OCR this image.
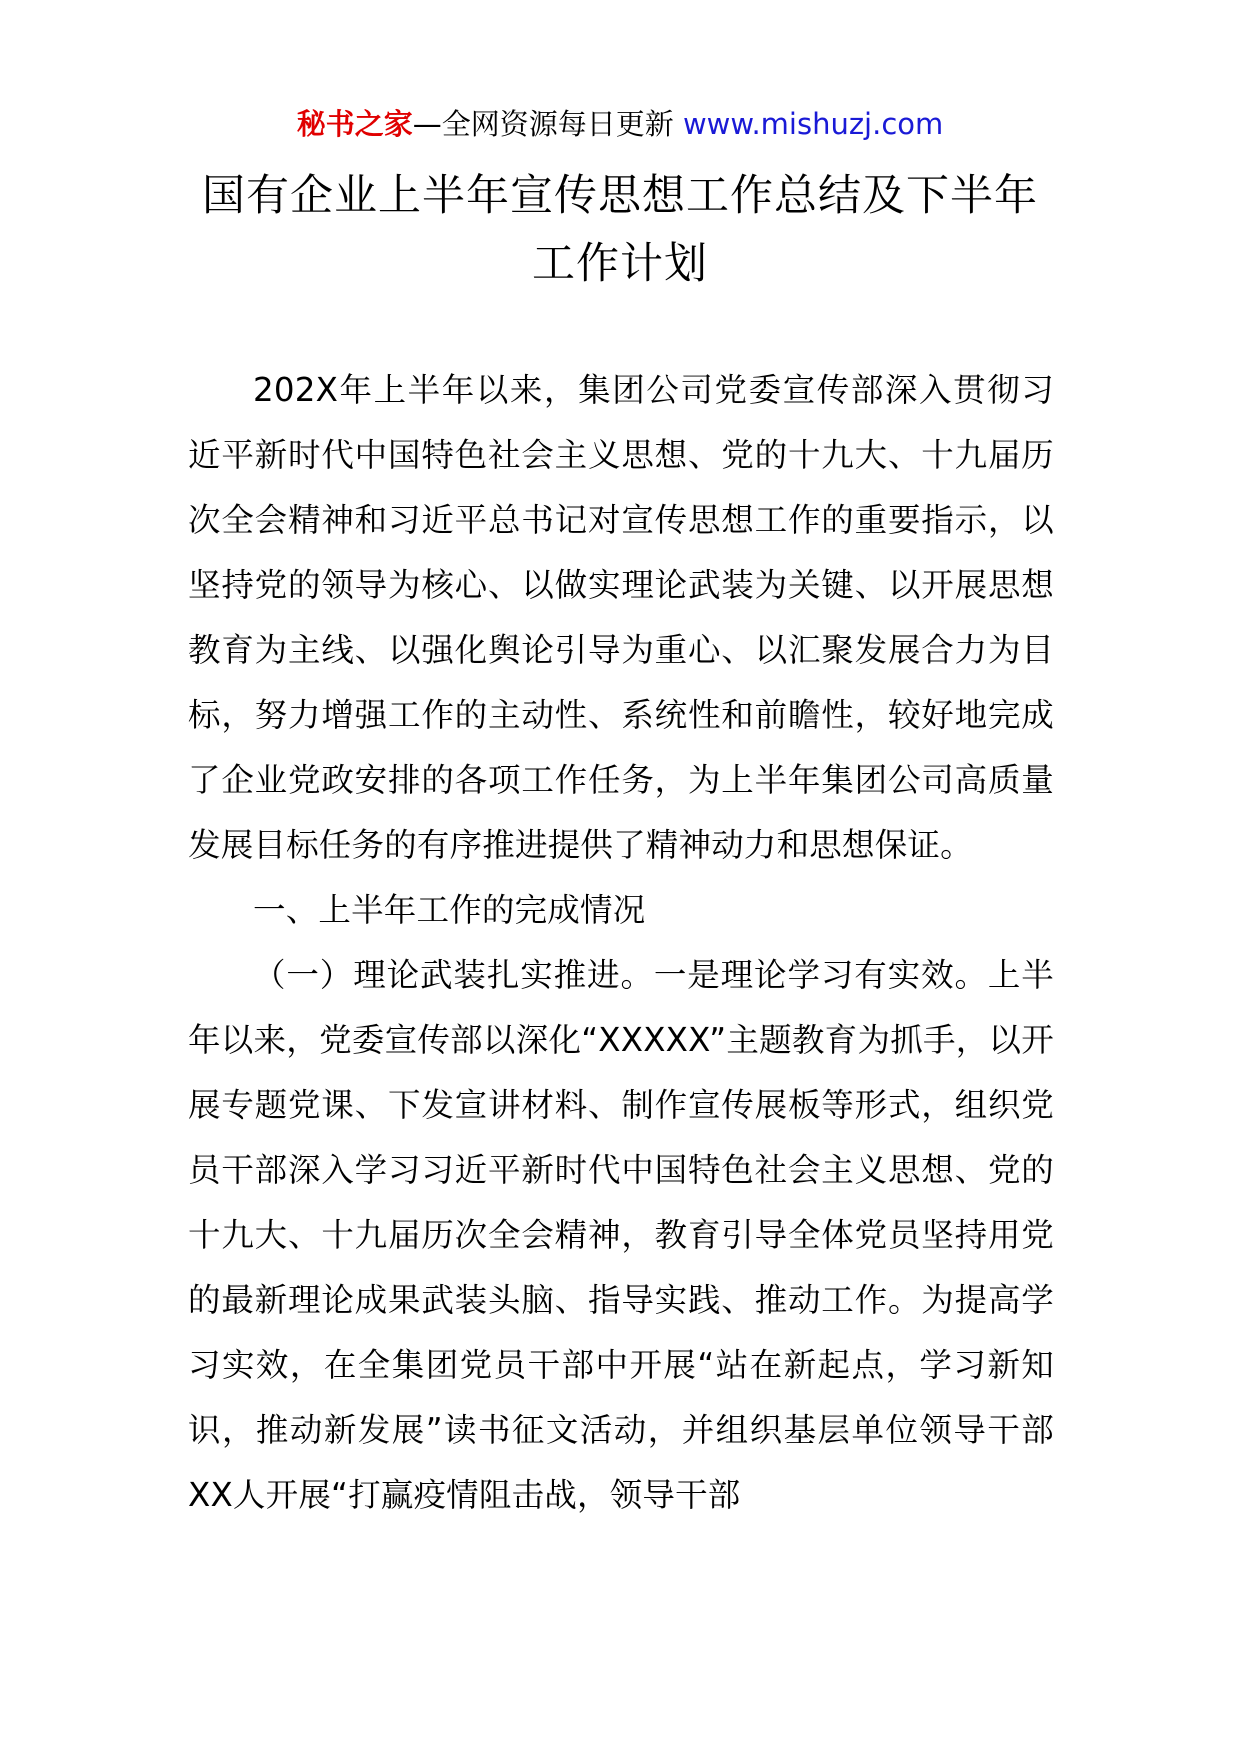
秘书之家—全网资源每日更新 www.mishuzj.com
国有企业上半年宣传思想工作总结及下半年工作计划

202X年上半年以来，集团公司党委宣传部深入贯彻习近平新时代中国特色社会主义思想、党的十九大、十九届历次全会精神和习近平总书记对宣传思想工作的重要指示，以坚持党的领导为核心、以做实理论武装为关键、以开展思想教育为主线、以强化舆论引导为重心、以汇聚发展合力为目标，努力增强工作的主动性、系统性和前瞻性，较好地完成了企业党政安排的各项工作任务，为上半年集团公司高质量发展目标任务的有序推进提供了精神动力和思想保证。

一、上半年工作的完成情况

（一）理论武装扎实推进。一是理论学习有实效。上半年以来，党委宣传部以深化“XXXXX”主题教育为抓手，以开展专题党课、下发宣讲材料、制作宣传展板等形式，组织党员干部深入学习习近平新时代中国特色社会主义思想、党的十九大、十九届历次全会精神，教育引导全体党员坚持用党的最新理论成果武装头脑、指导实践、推动工作。为提高学习实效，在全集团党员干部中开展“站在新起点，学习新知识，推动新发展”读书征文活动，并组织基层单位领导干部XX人开展“打赢疫情阻击战，领导干部
